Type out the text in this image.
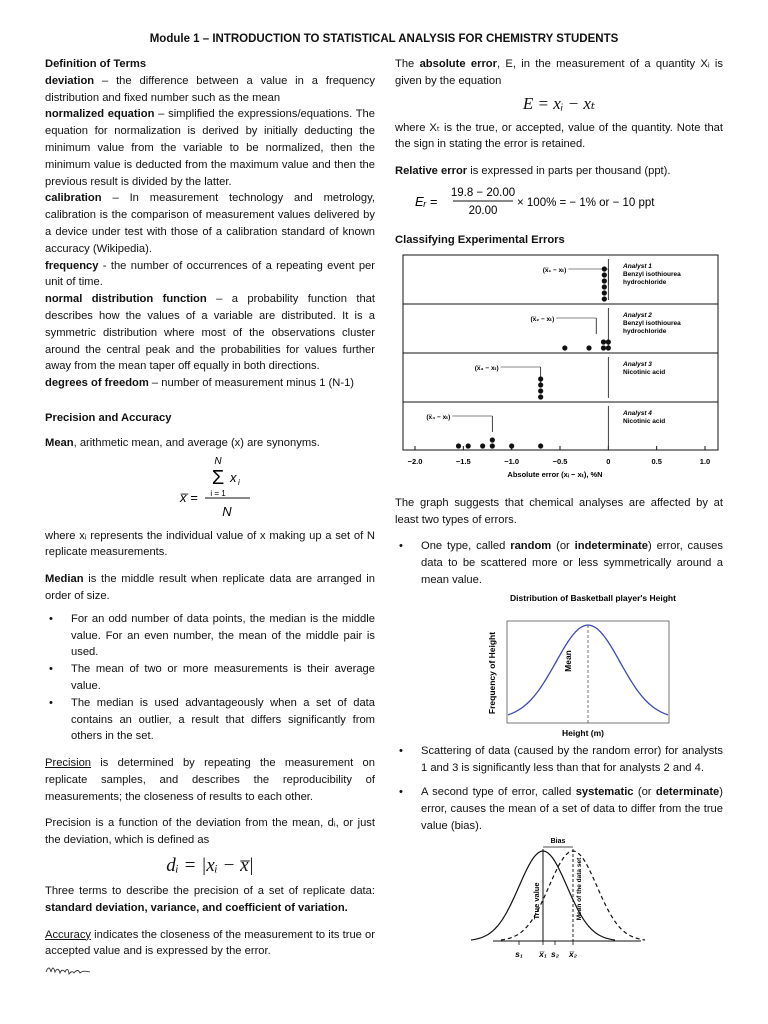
Module 1 – INTRODUCTION TO STATISTICAL ANALYSIS FOR CHEMISTRY STUDENTS

Definition of Terms

deviation – the difference between a value in a frequency distribution and fixed number such as the mean

normalized equation – simplified the expressions/equations. The equation for normalization is derived by initially deducting the minimum value from the variable to be normalized, then the minimum value is deducted from the maximum value and then the previous result is divided by the latter.

calibration – In measurement technology and metrology, calibration is the comparison of measurement values delivered by a device under test with those of a calibration standard of known accuracy (Wikipedia).

frequency - the number of occurrences of a repeating event per unit of time.

normal distribution function – a probability function that describes how the values of a variable are distributed. It is a symmetric distribution where most of the observations cluster around the central peak and the probabilities for values further away from the mean taper off equally in both directions.

degrees of freedom – number of measurement minus 1 (N-1)

Precision and Accuracy

Mean, arithmetic mean, and average (x) are synonyms.

N
Σ x i
i = 1
x̅ =
N

where xᵢ represents the individual value of x making up a set of N replicate measurements.

Median is the middle result when replicate data are arranged in order of size.

• For an odd number of data points, the median is the middle value. For an even number, the mean of the middle pair is used.
• The mean of two or more measurements is their average value.
• The median is used advantageously when a set of data contains an outlier, a result that differs significantly from others in the set.

Precision is determined by repeating the measurement on replicate samples, and describes the reproducibility of measurements; the closeness of results to each other.

Precision is a function of the deviation from the mean, dᵢ, or just the deviation, which is defined as

dᵢ = |xᵢ − x̅|

Three terms to describe the precision of a set of replicate data: standard deviation, variance, and coefficient of variation.

Accuracy indicates the closeness of the measurement to its true or accepted value and is expressed by the error.

The absolute error, E, in the measurement of a quantity Xᵢ is given by the equation

E = xᵢ − xₜ

where Xₜ is the true, or accepted, value of the quantity. Note that the sign in stating the error is retained.

Relative error is expressed in parts per thousand (ppt).

Eᵣ =
19.8 − 20.00
20.00
× 100% = − 1% or − 10 ppt

Classifying Experimental Errors

Absolute error (xᵢ − xₜ), %N
−2.0	−1.5	−1.0	−0.5	0	0.5	1.0
(x̅₁ − xₜ)
Analyst 1
Benzyl isothiourea
hydrochloride
(x̅₂ − xₜ)
Analyst 2
Benzyl isothiourea
hydrochloride
(x̅₃ − xₜ)
Analyst 3
Nicotinic acid
(x̅₄ − xₜ)
Analyst 4
Nicotinic acid

The graph suggests that chemical analyses are affected by at least two types of errors.

• One type, called random (or indeterminate) error, causes data to be scattered more or less symmetrically around a mean value.
Distribution of Basketball player's Height
Height (m)
Frequency of Height	Mean
• Scattering of data (caused by the random error) for analysts 1 and 3 is significantly less than that for analysts 2 and 4.
• A second type of error, called systematic (or determinate) error, causes the mean of a set of data to differ from the true value (bias).
Bias
True value	Mean of the data set
s₁ x̅₁ s₂ x̅₂
